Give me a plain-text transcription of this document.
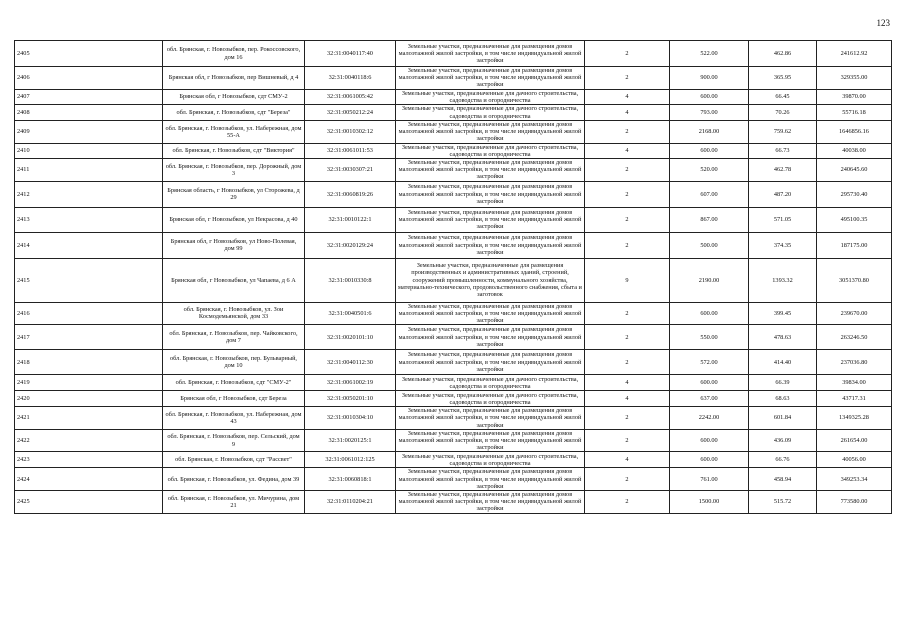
123
2405	обл. Брянская, г. Новозыбков, пер. Рокоссовского, дом 16	32:31:0040117:40	Земельные участки, предназначенные для размещения домов малоэтажной жилой застройки, в том числе индивидуальной жилой застройки	2	522.00	462.86	241612.92
2406	Брянская обл, г Новозыбков, пер Вишневый, д 4	32:31:0040118:6	Земельные участки, предназначенные для размещения домов малоэтажной жилой застройки, в том числе индивидуальной жилой застройки	2	900.00	365.95	329355.00
2407	Брянская обл, г Новозыбков, сдт СМУ-2	32:31:0061005:42	Земельные участки, предназначенные для дачного строительства, садоводства и огородничества	4	600.00	66.45	39870.00
2408	обл. Брянская, г. Новозыбков, сдт "Береза"	32:31:0050212:24	Земельные участки, предназначенные для дачного строительства, садоводства и огородничества	4	793.00	70.26	55716.18
2409	обл. Брянская, г. Новозыбков, ул. Набережная, дом 55-А	32:31:0010302:12	Земельные участки, предназначенные для размещения домов малоэтажной жилой застройки, в том числе индивидуальной жилой застройки	2	2168.00	759.62	1646856.16
2410	обл. Брянская, г. Новозыбков, сдт "Виктория"	32:31:0061011:53	Земельные участки, предназначенные для дачного строительства, садоводства и огородничества	4	600.00	66.73	40038.00
2411	обл. Брянская, г. Новозыбков, пер. Дорожный, дом 3	32:31:0030307:21	Земельные участки, предназначенные для размещения домов малоэтажной жилой застройки, в том числе индивидуальной жилой застройки	2	520.00	462.78	240645.60
2412	Брянская область, г Новозыбков, ул Сторожева, д 29	32:31:0060819:26	Земельные участки, предназначенные для размещения домов малоэтажной жилой застройки, в том числе индивидуальной жилой застройки	2	607.00	487.20	295730.40
2413	Брянская обл, г Новозыбков, ул Некрасова, д 40	32:31:0010122:1	Земельные участки, предназначенные для размещения домов малоэтажной жилой застройки, в том числе индивидуальной жилой застройки	2	867.00	571.05	495100.35
2414	Брянская обл, г Новозыбков, ул Ново-Полевая, дом 99	32:31:0020129:24	Земельные участки, предназначенные для размещения домов малоэтажной жилой застройки, в том числе индивидуальной жилой застройки	2	500.00	374.35	187175.00
2415	Брянская обл, г Новозыбков, ул Чапаева, д 6 А	32:31:0010330:8	Земельные участки, предназначенные для размещения производственных и административных зданий, строений, сооружений промышленности, коммунального хозяйства, материально-технического, продовольственного снабжения, сбыта и заготовок	9	2190.00	1393.32	3051370.80
2416	обл. Брянская, г. Новозыбков, ул. Зои Космодемьянской, дом 33	32:31:0040501:6	Земельные участки, предназначенные для размещения домов малоэтажной жилой застройки, в том числе индивидуальной жилой застройки	2	600.00	399.45	239670.00
2417	обл. Брянская, г. Новозыбков, пер. Чайковского, дом 7	32:31:0020101:10	Земельные участки, предназначенные для размещения домов малоэтажной жилой застройки, в том числе индивидуальной жилой застройки	2	550.00	478.63	263246.50
2418	обл. Брянская, г. Новозыбков, пер. Бульварный, дом 10	32:31:0040112:30	Земельные участки, предназначенные для размещения домов малоэтажной жилой застройки, в том числе индивидуальной жилой застройки	2	572.00	414.40	237036.80
2419	обл. Брянская, г. Новозыбков, сдт "СМУ-2"	32:31:0061002:19	Земельные участки, предназначенные для дачного строительства, садоводства и огородничества	4	600.00	66.39	39834.00
2420	Брянская обл, г Новозыбков, сдт Береза	32:31:0050201:10	Земельные участки, предназначенные для дачного строительства, садоводства и огородничества	4	637.00	68.63	43717.31
2421	обл. Брянская, г. Новозыбков, ул. Набережная, дом 43	32:31:0010304:10	Земельные участки, предназначенные для размещения домов малоэтажной жилой застройки, в том числе индивидуальной жилой застройки	2	2242.00	601.84	1349325.28
2422	обл. Брянская, г. Новозыбков, пер. Сельский, дом 9	32:31:0020125:1	Земельные участки, предназначенные для размещения домов малоэтажной жилой застройки, в том числе индивидуальной жилой застройки	2	600.00	436.09	261654.00
2423	обл. Брянская, г. Новозыбков, сдт "Рассвет"	32:31:0061012:125	Земельные участки, предназначенные для дачного строительства, садоводства и огородничества	4	600.00	66.76	40056.00
2424	обл. Брянская, г. Новозыбков, ул. Федина, дом 39	32:31:0060818:1	Земельные участки, предназначенные для размещения домов малоэтажной жилой застройки, в том числе индивидуальной жилой застройки	2	761.00	458.94	349253.34
2425	обл. Брянская, г. Новозыбков, ул. Мичурина, дом 21	32:31:0110204:21	Земельные участки, предназначенные для размещения домов малоэтажной жилой застройки, в том числе индивидуальной жилой застройки	2	1500.00	515.72	773580.00
